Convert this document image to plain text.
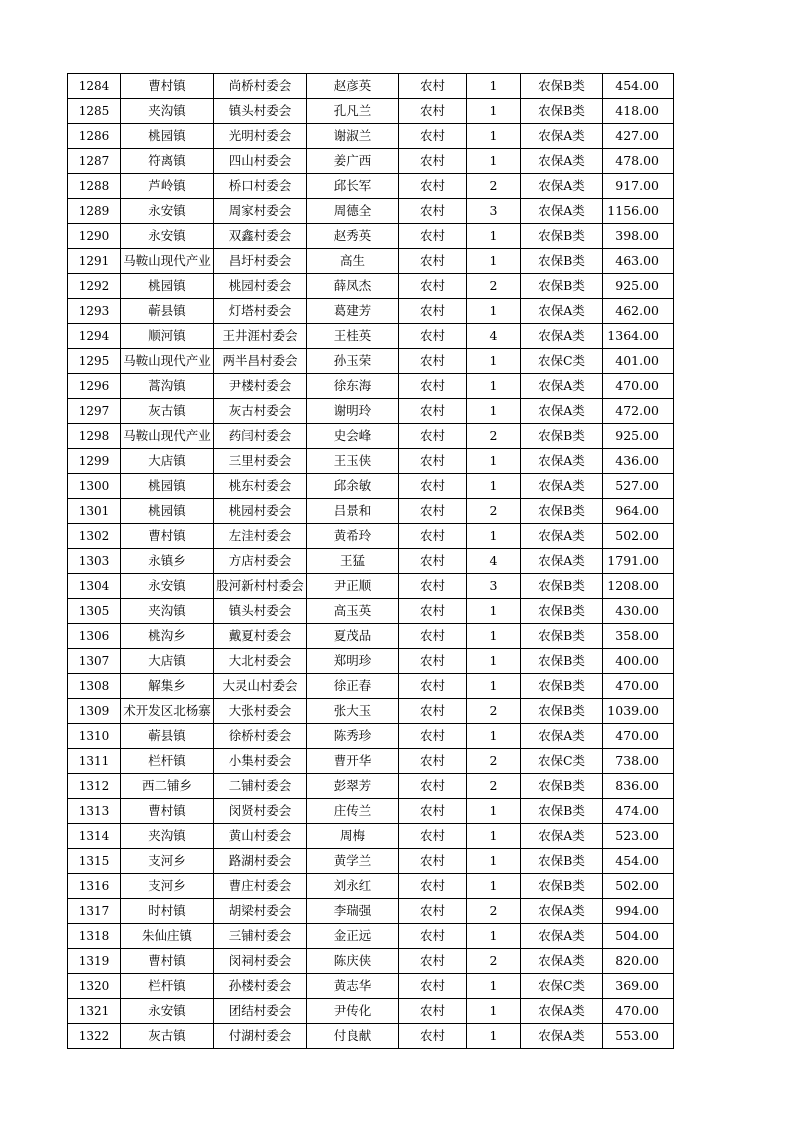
1284	曹村镇	尚桥村委会	赵彦英	农村	1	农保B类	454.00
1285	夹沟镇	镇头村委会	孔凡兰	农村	1	农保B类	418.00
1286	桃园镇	光明村委会	谢淑兰	农村	1	农保A类	427.00
1287	符离镇	四山村委会	姜广西	农村	1	农保A类	478.00
1288	芦岭镇	桥口村委会	邱长军	农村	2	农保A类	917.00
1289	永安镇	周家村委会	周德全	农村	3	农保A类	1156.00
1290	永安镇	双鑫村委会	赵秀英	农村	1	农保B类	398.00
1291	马鞍山现代产业	昌圩村委会	高生	农村	1	农保B类	463.00
1292	桃园镇	桃园村委会	薛凤杰	农村	2	农保B类	925.00
1293	蕲县镇	灯塔村委会	葛建芳	农村	1	农保A类	462.00
1294	顺河镇	王井涯村委会	王桂英	农村	4	农保A类	1364.00
1295	马鞍山现代产业	两半昌村委会	孙玉荣	农村	1	农保C类	401.00
1296	蒿沟镇	尹楼村委会	徐东海	农村	1	农保A类	470.00
1297	灰古镇	灰古村委会	谢明玲	农村	1	农保A类	472.00
1298	马鞍山现代产业	药闫村委会	史会峰	农村	2	农保B类	925.00
1299	大店镇	三里村委会	王玉侠	农村	1	农保A类	436.00
1300	桃园镇	桃东村委会	邱余敏	农村	1	农保A类	527.00
1301	桃园镇	桃园村委会	吕景和	农村	2	农保B类	964.00
1302	曹村镇	左洼村委会	黄希玲	农村	1	农保A类	502.00
1303	永镇乡	方店村委会	王猛	农村	4	农保A类	1791.00
1304	永安镇	股河新村村委会	尹正顺	农村	3	农保B类	1208.00
1305	夹沟镇	镇头村委会	高玉英	农村	1	农保B类	430.00
1306	桃沟乡	戴夏村委会	夏茂品	农村	1	农保B类	358.00
1307	大店镇	大北村委会	郑明珍	农村	1	农保B类	400.00
1308	解集乡	大灵山村委会	徐正春	农村	1	农保B类	470.00
1309	术开发区北杨寨	大张村委会	张大玉	农村	2	农保B类	1039.00
1310	蕲县镇	徐桥村委会	陈秀珍	农村	1	农保A类	470.00
1311	栏杆镇	小集村委会	曹开华	农村	2	农保C类	738.00
1312	西二铺乡	二铺村委会	彭翠芳	农村	2	农保B类	836.00
1313	曹村镇	闵贤村委会	庄传兰	农村	1	农保B类	474.00
1314	夹沟镇	黄山村委会	周梅	农村	1	农保A类	523.00
1315	支河乡	路湖村委会	黄学兰	农村	1	农保B类	454.00
1316	支河乡	曹庄村委会	刘永红	农村	1	农保B类	502.00
1317	时村镇	胡梁村委会	李瑞强	农村	2	农保A类	994.00
1318	朱仙庄镇	三铺村委会	金正远	农村	1	农保A类	504.00
1319	曹村镇	闵祠村委会	陈庆侠	农村	2	农保A类	820.00
1320	栏杆镇	孙楼村委会	黄志华	农村	1	农保C类	369.00
1321	永安镇	团结村委会	尹传化	农村	1	农保A类	470.00
1322	灰古镇	付湖村委会	付良献	农村	1	农保A类	553.00
